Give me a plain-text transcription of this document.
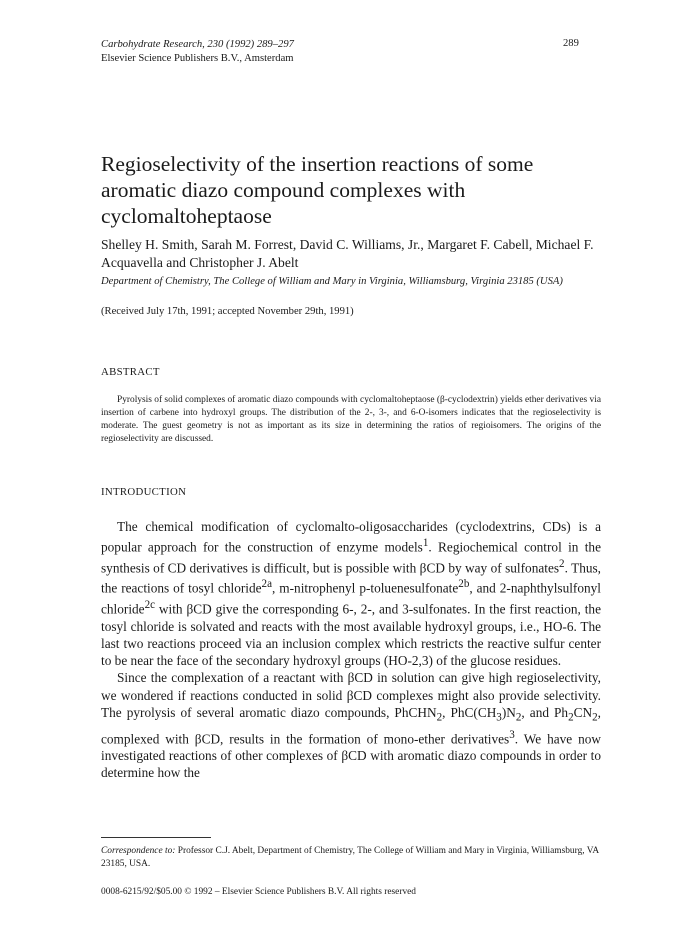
Carbohydrate Research, 230 (1992) 289–297
Elsevier Science Publishers B.V., Amsterdam
289
Regioselectivity of the insertion reactions of some aromatic diazo compound complexes with cyclomaltoheptaose
Shelley H. Smith, Sarah M. Forrest, David C. Williams, Jr., Margaret F. Cabell, Michael F. Acquavella and Christopher J. Abelt
Department of Chemistry, The College of William and Mary in Virginia, Williamsburg, Virginia 23185 (USA)
(Received July 17th, 1991; accepted November 29th, 1991)
ABSTRACT
Pyrolysis of solid complexes of aromatic diazo compounds with cyclomaltoheptaose (β-cyclodextrin) yields ether derivatives via insertion of carbene into hydroxyl groups. The distribution of the 2-, 3-, and 6-O-isomers indicates that the regioselectivity is moderate. The guest geometry is not as important as its size in determining the ratios of regioisomers. The origins of the regioselectivity are discussed.
INTRODUCTION

The chemical modification of cyclomalto-oligosaccharides (cyclodextrins, CDs) is a popular approach for the construction of enzyme models$^1$. Regiochemical control in the synthesis of CD derivatives is difficult, but is possible with βCD by way of sulfonates$^2$. Thus, the reactions of tosyl chloride$^{2a}$, m-nitrophenyl p-toluenesulfonate$^{2b}$, and 2-naphthylsulfonyl chloride$^{2c}$ with βCD give the corresponding 6-, 2-, and 3-sulfonates. In the first reaction, the tosyl chloride is solvated and reacts with the most available hydroxyl groups, i.e., HO-6. The last two reactions proceed via an inclusion complex which restricts the reactive sulfur center to be near the face of the secondary hydroxyl groups (HO-2,3) of the glucose residues.

Since the complexation of a reactant with βCD in solution can give high regioselectivity, we wondered if reactions conducted in solid βCD complexes might also provide selectivity. The pyrolysis of several aromatic diazo compounds, PhCHN$_2$, $PhC(CH_3)N_2$, and $Ph_2CN_2$, complexed with βCD, results in the formation of mono-ether derivatives$^3$. We have now investigated reactions of other complexes of βCD with aromatic diazo compounds in order to determine how the

Correspondence to: Professor C.J. Abelt, Department of Chemistry, The College of William and Mary in Virginia, Williamsburg, VA 23185, USA.
0008-6215/92/$05.00 © 1992 – Elsevier Science Publishers B.V. All rights reserved
